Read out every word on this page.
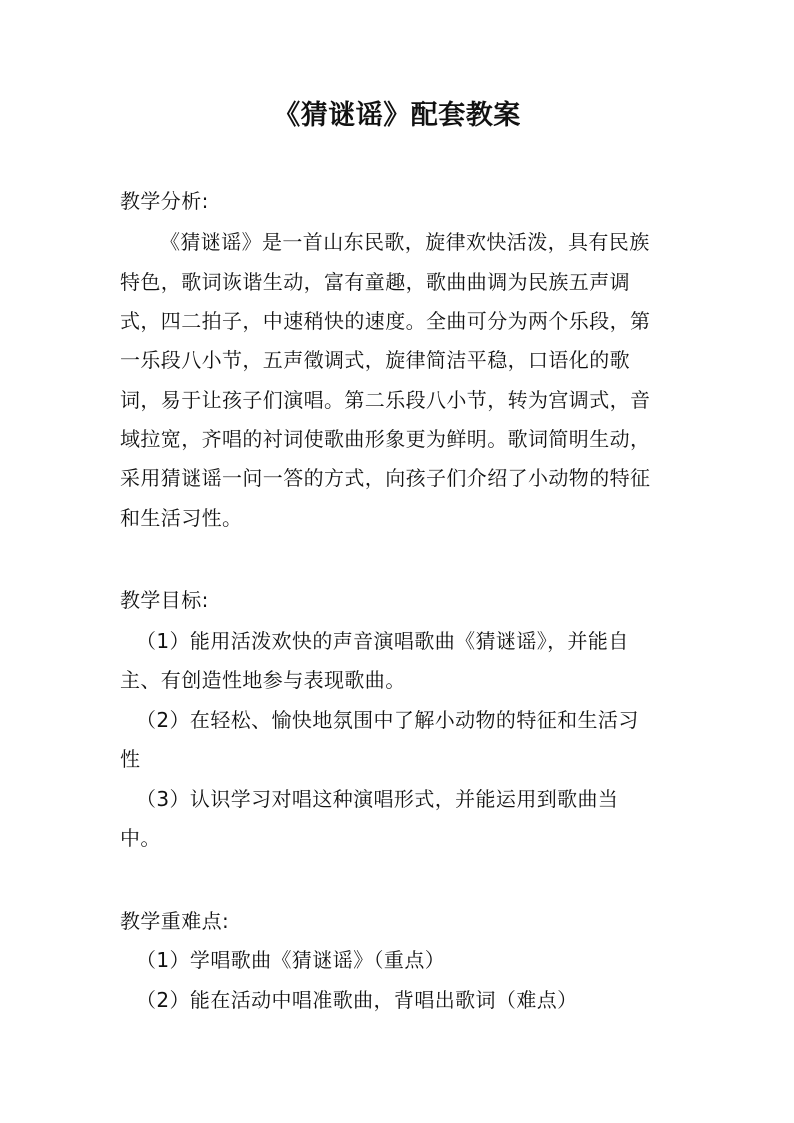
《猜谜谣》配套教案
教学分析:
《猜谜谣》是一首山东民歌，旋律欢快活泼，具有民族
特色，歌词诙谐生动，富有童趣，歌曲曲调为民族五声调
式，四二拍子，中速稍快的速度。全曲可分为两个乐段，第
一乐段八小节，五声徵调式，旋律简洁平稳，口语化的歌
词，易于让孩子们演唱。第二乐段八小节，转为宫调式，音
域拉宽，齐唱的衬词使歌曲形象更为鲜明。歌词简明生动，
采用猜谜谣一问一答的方式，向孩子们介绍了小动物的特征
和生活习性。
教学目标:
（1）能用活泼欢快的声音演唱歌曲《猜谜谣》，并能自
主、有创造性地参与表现歌曲。
（2）在轻松、愉快地氛围中了解小动物的特征和生活习
性
（3）认识学习对唱这种演唱形式，并能运用到歌曲当
中。
教学重难点:
（1）学唱歌曲《猜谜谣》（重点）
（2）能在活动中唱准歌曲，背唱出歌词（难点）
